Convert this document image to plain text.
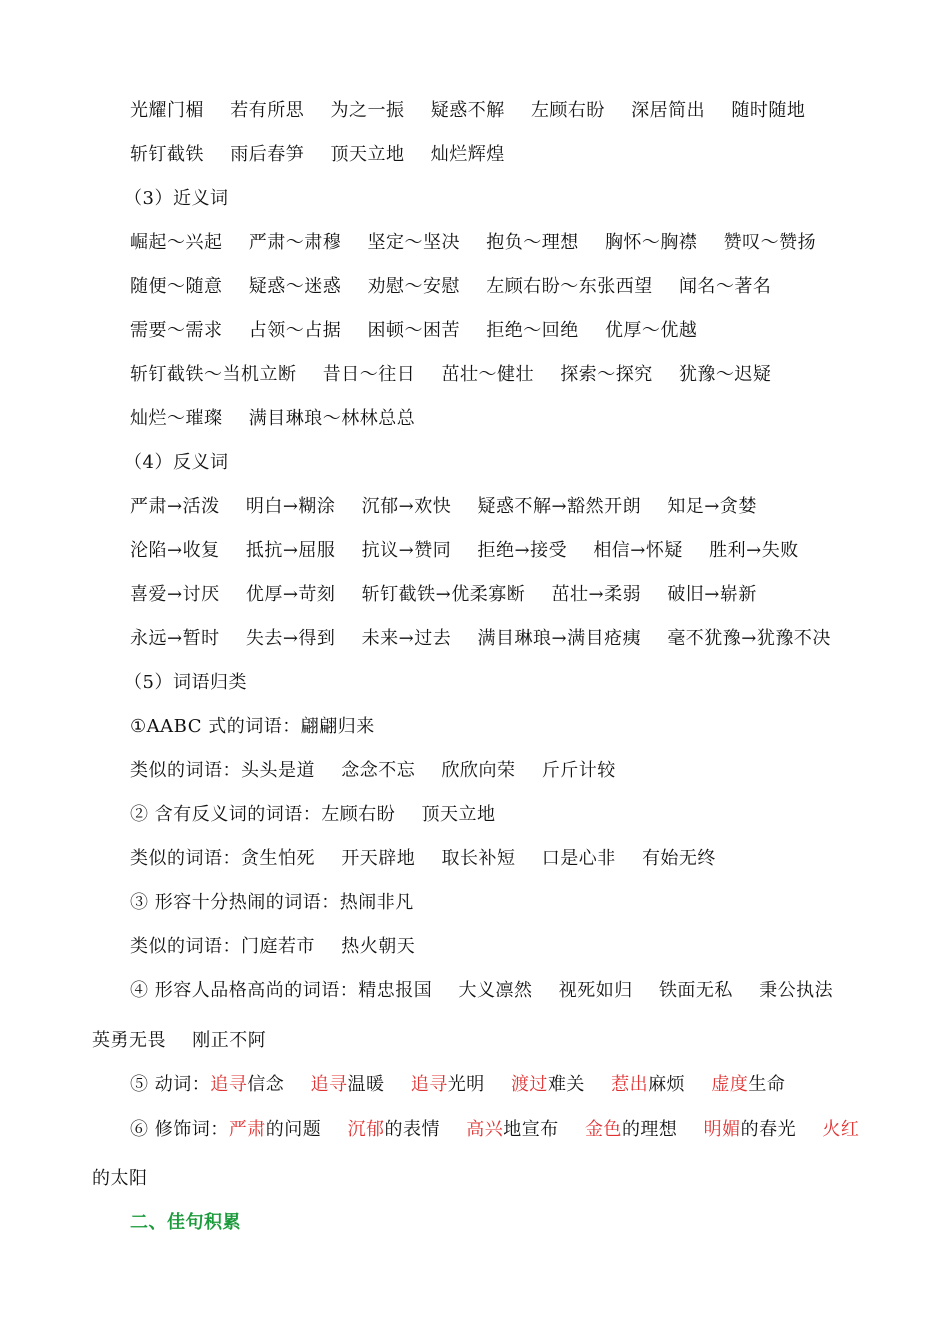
光耀门楣 若有所思 为之一振 疑惑不解 左顾右盼 深居简出 随时随地
斩钉截铁 雨后春笋 顶天立地 灿烂辉煌
（3）近义词
崛起～兴起 严肃～肃穆 坚定～坚决 抱负～理想 胸怀～胸襟 赞叹～赞扬
随便～随意 疑惑～迷惑 劝慰～安慰 左顾右盼～东张西望 闻名～著名
需要～需求 占领～占据 困顿～困苦 拒绝～回绝 优厚～优越
斩钉截铁～当机立断 昔日～往日 茁壮～健壮 探索～探究 犹豫～迟疑
灿烂～璀璨 满目琳琅～林林总总
（4）反义词
严肃→活泼 明白→糊涂 沉郁→欢快 疑惑不解→豁然开朗 知足→贪婪
沦陷→收复 抵抗→屈服 抗议→赞同 拒绝→接受 相信→怀疑 胜利→失败
喜爱→讨厌 优厚→苛刻 斩钉截铁→优柔寡断 茁壮→柔弱 破旧→崭新
永远→暂时 失去→得到 未来→过去 满目琳琅→满目疮痍 毫不犹豫→犹豫不决
（5）词语归类
①AABC 式的词语：翩翩归来
类似的词语：头头是道 念念不忘 欣欣向荣 斤斤计较
② 含有反义词的词语：左顾右盼 顶天立地
类似的词语：贪生怕死 开天辟地 取长补短 口是心非 有始无终
③ 形容十分热闹的词语：热闹非凡
类似的词语：门庭若市 热火朝天
④ 形容人品格高尚的词语：精忠报国 大义凛然 视死如归 铁面无私 秉公执法
英勇无畏 刚正不阿
⑤ 动词：追寻信念 追寻温暖 追寻光明 渡过难关 惹出麻烦 虚度生命
⑥ 修饰词：严肃的问题 沉郁的表情 高兴地宣布 金色的理想 明媚的春光 火红
的太阳
二、佳句积累
